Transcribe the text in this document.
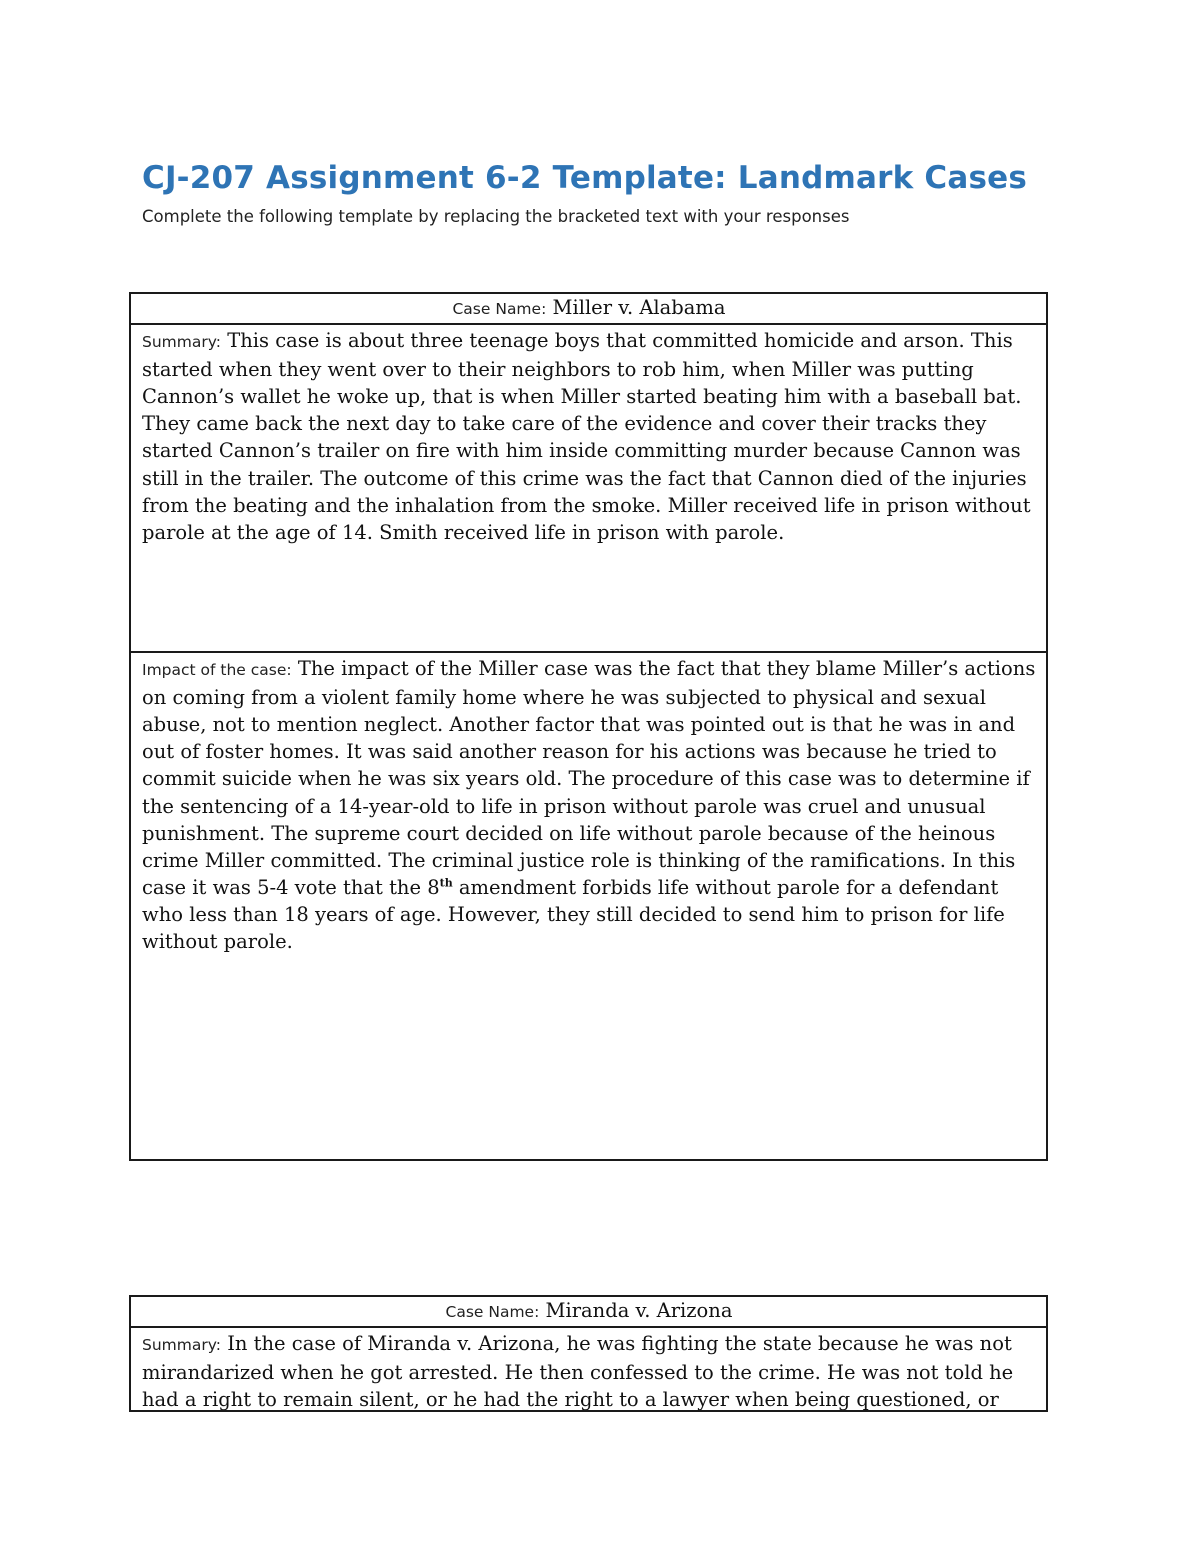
CJ-207 Assignment 6-2 Template: Landmark Cases

Complete the following template by replacing the bracketed text with your responses

Case Name: Miller v. Alabama
Summary: This case is about three teenage boys that committed homicide and arson. This started when they went over to their neighbors to rob him, when Miller was putting Cannon’s wallet he woke up, that is when Miller started beating him with a baseball bat. They came back the next day to take care of the evidence and cover their tracks they started Cannon’s trailer on fire with him inside committing murder because Cannon was still in the trailer. The outcome of this crime was the fact that Cannon died of the injuries from the beating and the inhalation from the smoke. Miller received life in prison without parole at the age of 14. Smith received life in prison with parole.
Impact of the case: The impact of the Miller case was the fact that they blame Miller’s actions on coming from a violent family home where he was subjected to physical and sexual abuse, not to mention neglect. Another factor that was pointed out is that he was in and out of foster homes. It was said another reason for his actions was because he tried to commit suicide when he was six years old. The procedure of this case was to determine if the sentencing of a 14-year-old to life in prison without parole was cruel and unusual punishment. The supreme court decided on life without parole because of the heinous crime Miller committed. The criminal justice role is thinking of the ramifications. In this case it was 5-4 vote that the 8th amendment forbids life without parole for a defendant who less than 18 years of age. However, they still decided to send him to prison for life without parole.
Case Name: Miranda v. Arizona

Summary: In the case of Miranda v. Arizona, he was fighting the state because he was not mirandarized when he got arrested. He then confessed to the crime. He was not told he had a right to remain silent, or he had the right to a lawyer when being questioned, or
